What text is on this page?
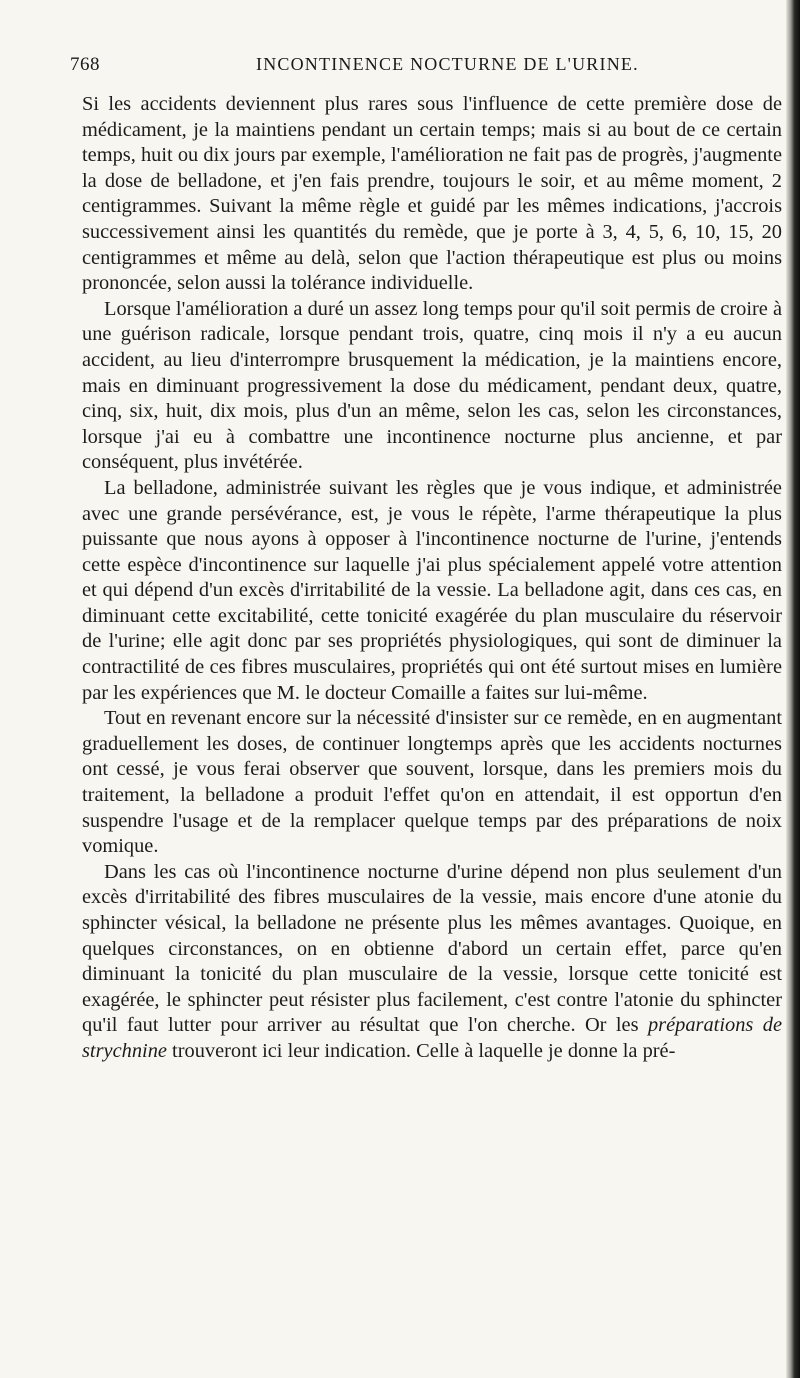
768	INCONTINENCE NOCTURNE DE L'URINE.

Si les accidents deviennent plus rares sous l'influence de cette première dose de médicament, je la maintiens pendant un certain temps; mais si au bout de ce certain temps, huit ou dix jours par exemple, l'amélioration ne fait pas de progrès, j'augmente la dose de belladone, et j'en fais prendre, toujours le soir, et au même moment, 2 centigrammes. Suivant la même règle et guidé par les mêmes indications, j'accrois successivement ainsi les quantités du remède, que je porte à 3, 4, 5, 6, 10, 15, 20 centigrammes et même au delà, selon que l'action thérapeutique est plus ou moins prononcée, selon aussi la tolérance individuelle.

Lorsque l'amélioration a duré un assez long temps pour qu'il soit permis de croire à une guérison radicale, lorsque pendant trois, quatre, cinq mois il n'y a eu aucun accident, au lieu d'interrompre brusquement la médication, je la maintiens encore, mais en diminuant progressivement la dose du médicament, pendant deux, quatre, cinq, six, huit, dix mois, plus d'un an même, selon les cas, selon les circonstances, lorsque j'ai eu à combattre une incontinence nocturne plus ancienne, et par conséquent, plus invétérée.

La belladone, administrée suivant les règles que je vous indique, et administrée avec une grande persévérance, est, je vous le répète, l'arme thérapeutique la plus puissante que nous ayons à opposer à l'incontinence nocturne de l'urine, j'entends cette espèce d'incontinence sur laquelle j'ai plus spécialement appelé votre attention et qui dépend d'un excès d'irritabilité de la vessie. La belladone agit, dans ces cas, en diminuant cette excitabilité, cette tonicité exagérée du plan musculaire du réservoir de l'urine; elle agit donc par ses propriétés physiologiques, qui sont de diminuer la contractilité de ces fibres musculaires, propriétés qui ont été surtout mises en lumière par les expériences que M. le docteur Comaille a faites sur lui-même.

Tout en revenant encore sur la nécessité d'insister sur ce remède, en en augmentant graduellement les doses, de continuer longtemps après que les accidents nocturnes ont cessé, je vous ferai observer que souvent, lorsque, dans les premiers mois du traitement, la belladone a produit l'effet qu'on en attendait, il est opportun d'en suspendre l'usage et de la remplacer quelque temps par des préparations de noix vomique.

Dans les cas où l'incontinence nocturne d'urine dépend non plus seulement d'un excès d'irritabilité des fibres musculaires de la vessie, mais encore d'une atonie du sphincter vésical, la belladone ne présente plus les mêmes avantages. Quoique, en quelques circonstances, on en obtienne d'abord un certain effet, parce qu'en diminuant la tonicité du plan musculaire de la vessie, lorsque cette tonicité est exagérée, le sphincter peut résister plus facilement, c'est contre l'atonie du sphincter qu'il faut lutter pour arriver au résultat que l'on cherche. Or les préparations de strychnine trouveront ici leur indication. Celle à laquelle je donne la pré-
